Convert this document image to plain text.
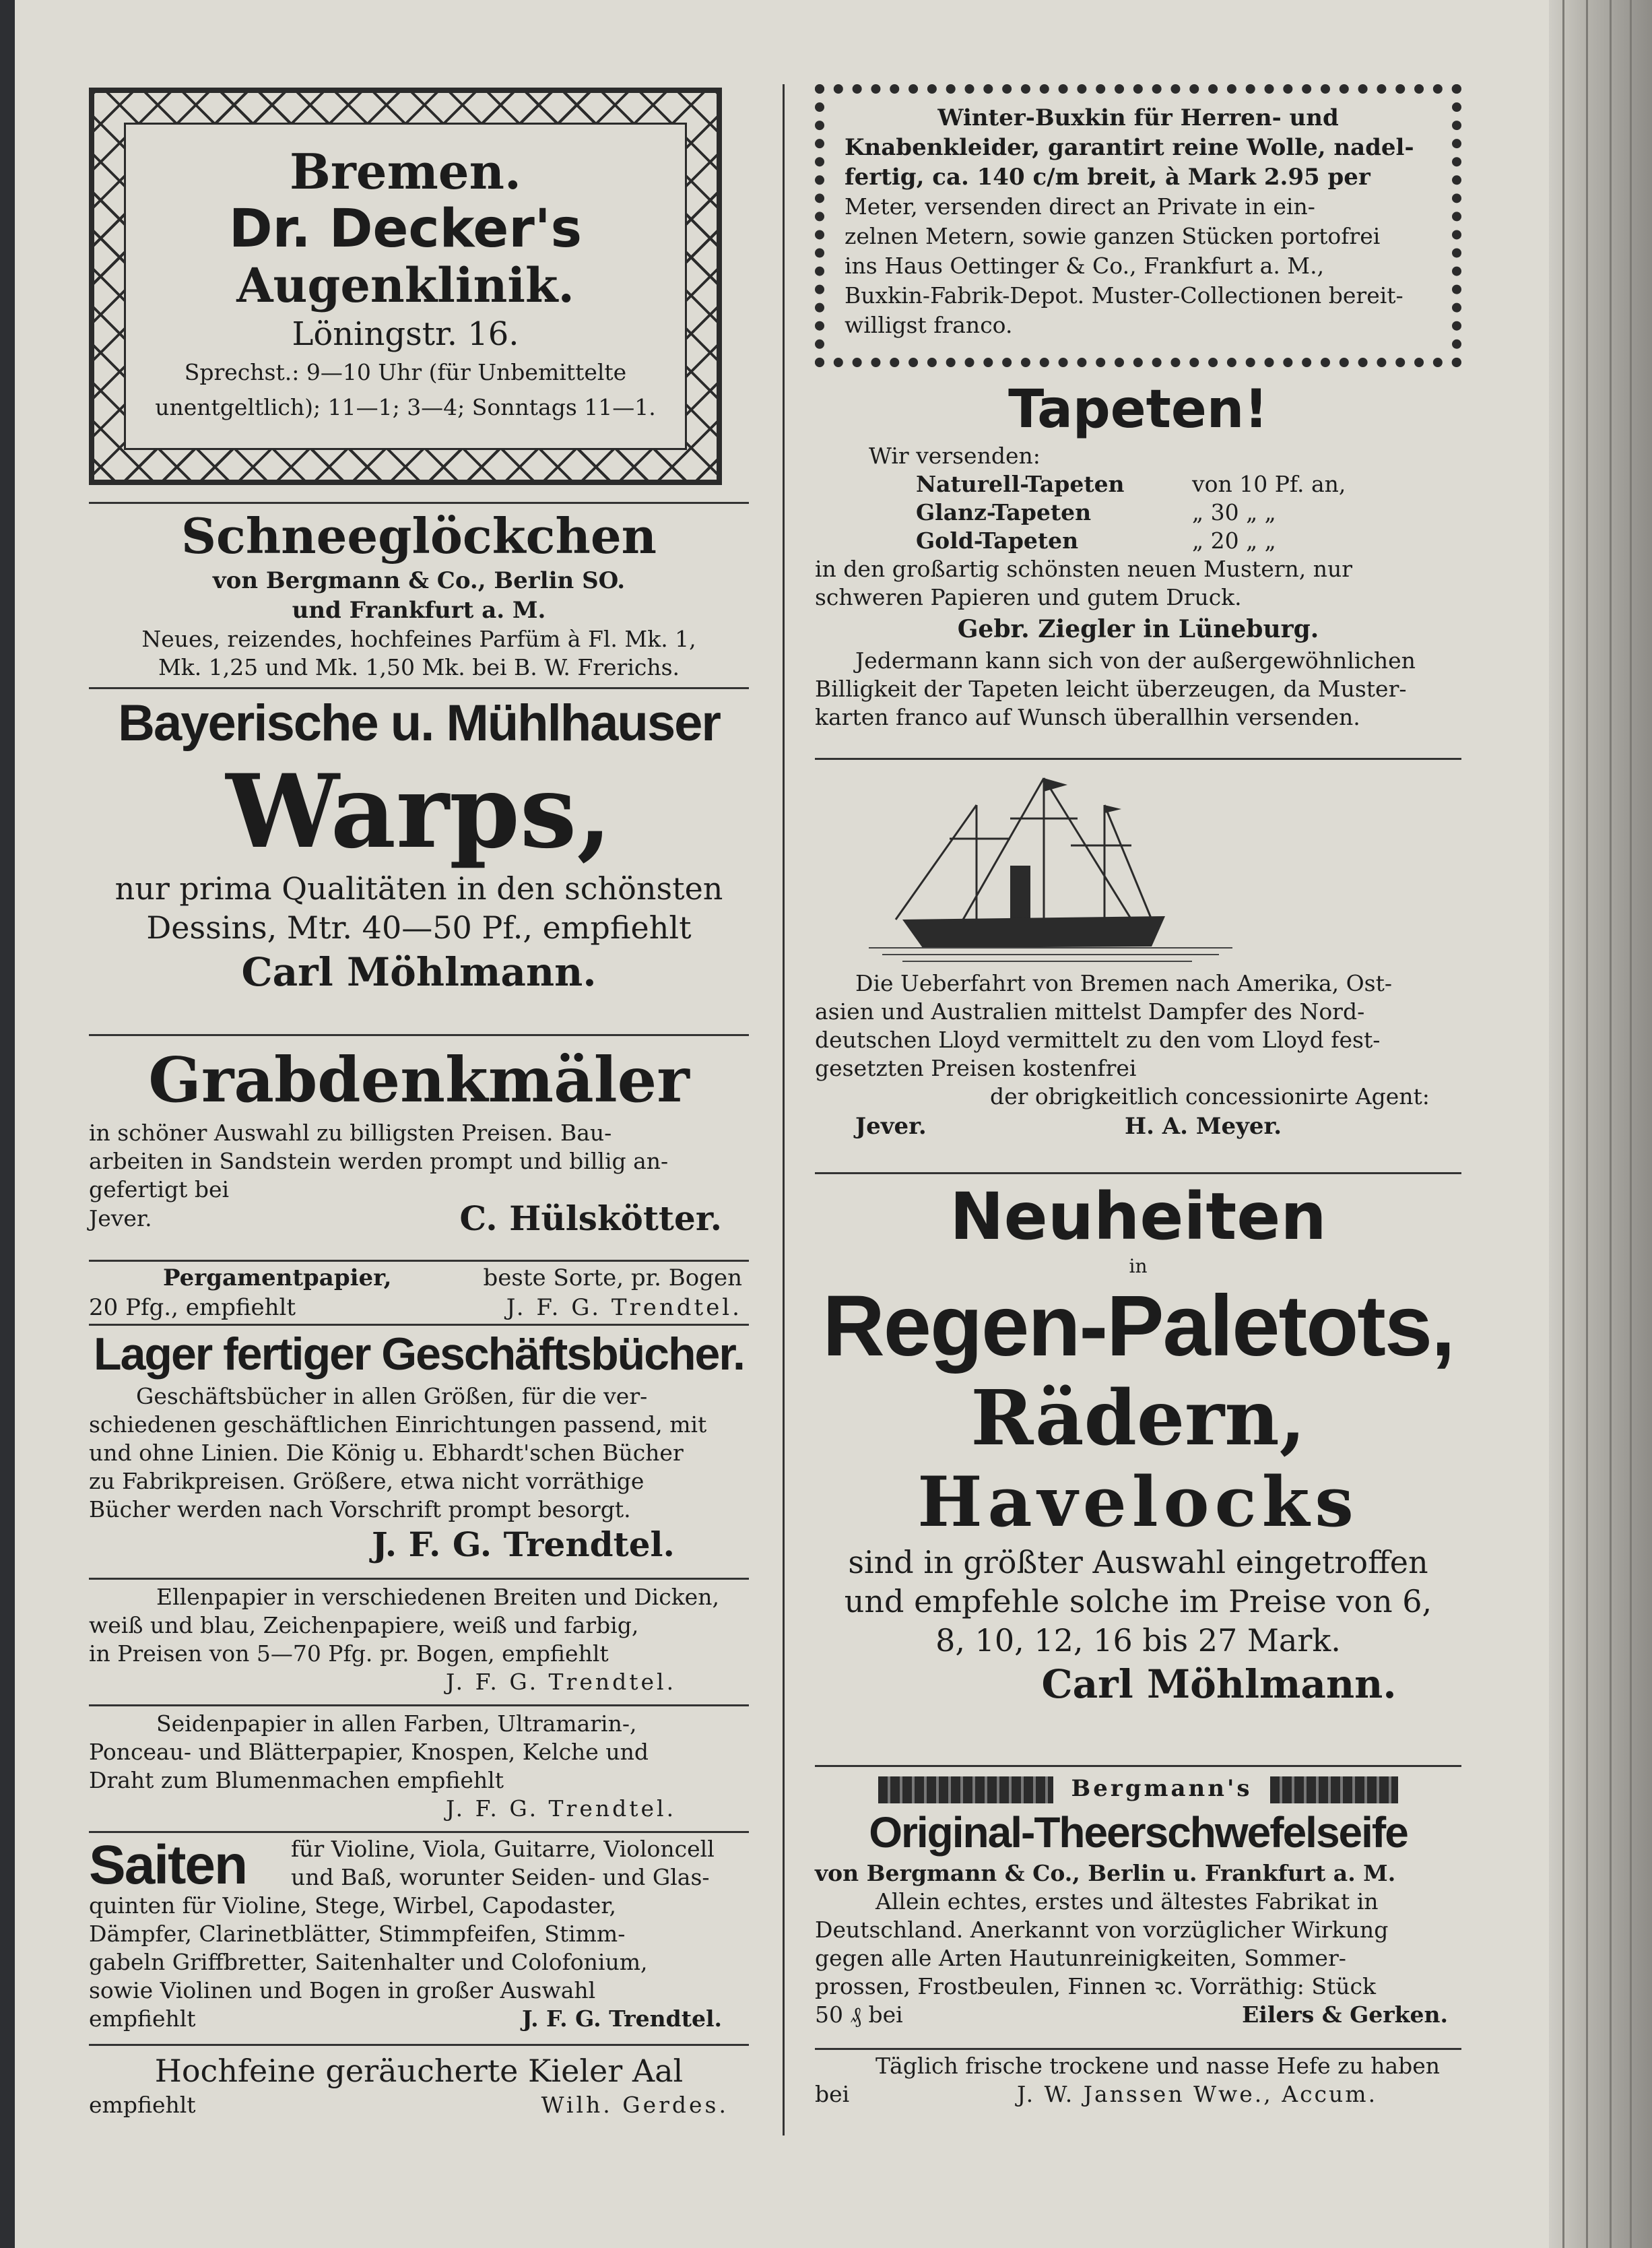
Bremen.
Dr. Decker's
Augenklinik.
Löningstr. 16.
Sprechst.: 9—10 Uhr (für Unbemittelte
unentgeltlich); 11—1; 3—4; Sonntags 11—1.
Schneeglöckchen
von Bergmann & Co., Berlin SO.
und Frankfurt a. M.
Neues, reizendes, hochfeines Parfüm à Fl. Mk. 1,
Mk. 1,25 und Mk. 1,50 Mk. bei B. W. Frerichs.
Bayerische u. Mühlhauser
Warps,
nur prima Qualitäten in den schönsten
Dessins, Mtr. 40—50 Pf., empfiehlt
Carl Möhlmann.
Grabdenkmäler
in schöner Auswahl zu billigsten Preisen. Bau-
arbeiten in Sandstein werden prompt und billig an-
gefertigt bei
Jever.	C. Hülskötter.
Pergamentpapier,	beste Sorte, pr. Bogen
20 Pfg., empfiehlt	J. F. G. Trendtel.
Lager fertiger Geschäftsbücher.
Geschäftsbücher in allen Größen, für die ver-
schiedenen geschäftlichen Einrichtungen passend, mit
und ohne Linien. Die König u. Ebhardt'schen Bücher
zu Fabrikpreisen. Größere, etwa nicht vorräthige
Bücher werden nach Vorschrift prompt besorgt.
J. F. G. Trendtel.
Ellenpapier in verschiedenen Breiten und Dicken,
weiß und blau, Zeichenpapiere, weiß und farbig,
in Preisen von 5—70 Pfg. pr. Bogen, empfiehlt
J. F. G. Trendtel.
Seidenpapier in allen Farben, Ultramarin-,
Ponceau- und Blätterpapier, Knospen, Kelche und
Draht zum Blumenmachen empfiehlt
J. F. G. Trendtel.
Saiten für Violine, Viola, Guitarre, Violoncell
und Baß, worunter Seiden- und Glas-
quinten für Violine, Stege, Wirbel, Capodaster,
Dämpfer, Clarinetblätter, Stimmpfeifen, Stimm-
gabeln Griffbretter, Saitenhalter und Colofonium,
sowie Violinen und Bogen in großer Auswahl
empfiehlt	J. F. G. Trendtel.
Hochfeine geräucherte Kieler Aal
empfiehlt	Wilh. Gerdes.
Winter-Buxkin für Herren- und
Knabenkleider, garantirt reine Wolle, nadel-
fertig, ca. 140 c/m breit, à Mark 2.95 per
Meter, versenden direct an Private in ein-
zelnen Metern, sowie ganzen Stücken portofrei
ins Haus Oettinger & Co., Frankfurt a. M.,
Buxkin-Fabrik-Depot. Muster-Collectionen bereit-
willigst franco.
Tapeten!
Wir versenden:
Naturell-Tapeten	von 10 Pf. an,
Glanz-Tapeten	„ 30 „ „
Gold-Tapeten	„ 20 „ „
in den großartig schönsten neuen Mustern, nur
schweren Papieren und gutem Druck.
Gebr. Ziegler in Lüneburg.
Jedermann kann sich von der außergewöhnlichen
Billigkeit der Tapeten leicht überzeugen, da Muster-
karten franco auf Wunsch überallhin versenden.
Die Ueberfahrt von Bremen nach Amerika, Ost-
asien und Australien mittelst Dampfer des Nord-
deutschen Lloyd vermittelt zu den vom Lloyd fest-
gesetzten Preisen kostenfrei
der obrigkeitlich concessionirte Agent:
Jever.	H. A. Meyer.
Neuheiten
in
Regen-Paletots,
Rädern,
Havelocks
sind in größter Auswahl eingetroffen
und empfehle solche im Preise von 6,
8, 10, 12, 16 bis 27 Mark.
Carl Möhlmann.
Bergmann's
Original-Theerschwefelseife
von Bergmann & Co., Berlin u. Frankfurt a. M.
Allein echtes, erstes und ältestes Fabrikat in
Deutschland. Anerkannt von vorzüglicher Wirkung
gegen alle Arten Hautunreinigkeiten, Sommer-
prossen, Frostbeulen, Finnen ꝛc. Vorräthig: Stück
50 ₰ bei	Eilers & Gerken.
Täglich frische trockene und nasse Hefe zu haben
bei	J. W. Janssen Wwe., Accum.
